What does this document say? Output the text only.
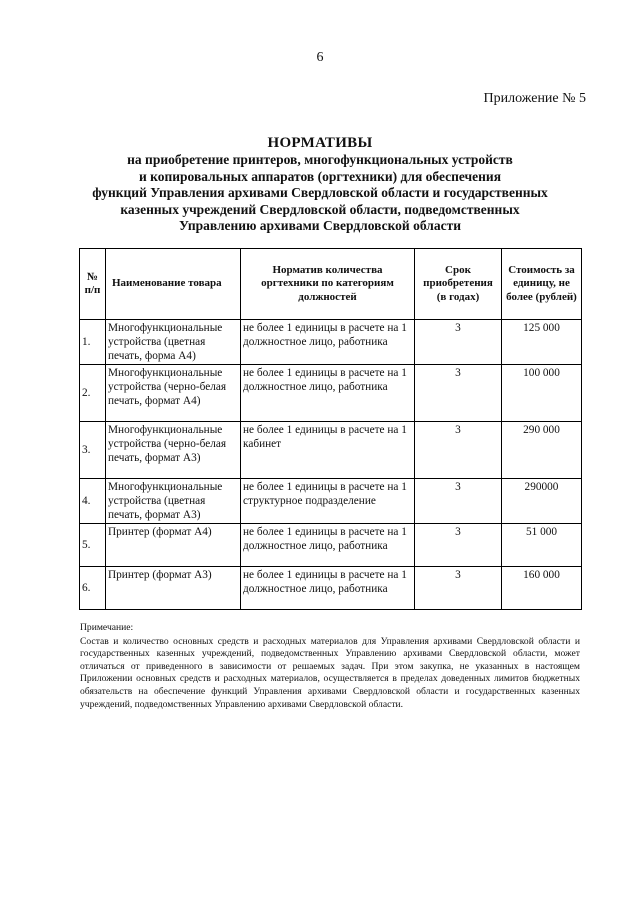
6
Приложение № 5
НОРМАТИВЫ
на приобретение принтеров, многофункциональных устройств
и копировальных аппаратов (оргтехники) для обеспечения
функций Управления архивами Свердловской области и государственных
казенных учреждений Свердловской области, подведомственных
Управлению архивами Свердловской области
№ п/п	Наименование товара	Норматив количества оргтехники по категориям должностей	Срок приобретения (в годах)	Стоимость за единицу, не более (рублей)
1.	Многофункциональные устройства (цветная печать, форма А4)	не более 1 единицы в расчете на 1 должностное лицо, работника	3	125 000
2.	Многофункциональные устройства (черно-белая печать, формат А4)	не более 1 единицы в расчете на 1 должностное лицо, работника	3	100 000
3.	Многофункциональные устройства (черно-белая печать, формат А3)	не более 1 единицы в расчете на 1 кабинет	3	290 000
4.	Многофункциональные устройства (цветная печать, формат А3)	не более 1 единицы в расчете на 1 структурное подразделение	3	290000
5.	Принтер (формат А4)	не более 1 единицы в расчете на 1 должностное лицо, работника	3	51 000
6.	Принтер (формат А3)	не более 1 единицы в расчете на 1 должностное лицо, работника	3	160 000
Примечание:
Состав и количество основных средств и расходных материалов для Управления архивами Свердловской области и государственных казенных учреждений, подведомственных Управлению архивами Свердловской области, может отличаться от приведенного в зависимости от решаемых задач. При этом закупка, не указанных в настоящем Приложении основных средств и расходных материалов, осуществляется в пределах доведенных лимитов бюджетных обязательств на обеспечение функций Управления архивами Свердловской области и государственных казенных учреждений, подведомственных Управлению архивами Свердловской области.
